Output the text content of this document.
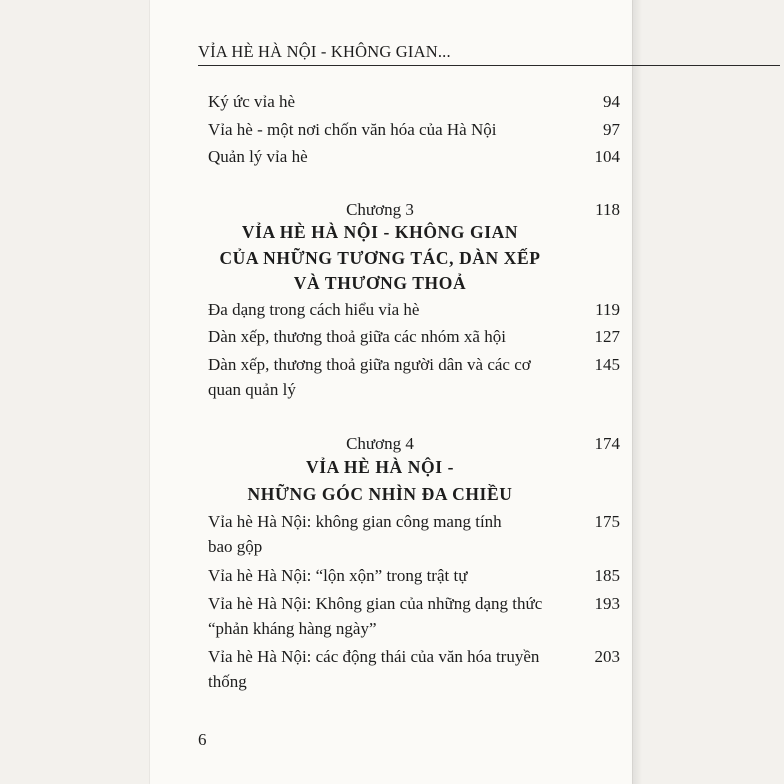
VỈA HÈ HÀ NỘI - KHÔNG GIAN...
Ký ức vỉa hè	94
Vỉa hè - một nơi chốn văn hóa của Hà Nội	97
Quản lý vỉa hè	104
Chương 3	118
VỈA HÈ HÀ NỘI - KHÔNG GIAN
CỦA NHỮNG TƯƠNG TÁC, DÀN XẾP
VÀ THƯƠNG THOẢ
Đa dạng trong cách hiểu vỉa hè	119
Dàn xếp, thương thoả giữa các nhóm xã hội	127
Dàn xếp, thương thoả giữa người dân và các cơ	145
quan quản lý
Chương 4	174
VỈA HÈ HÀ NỘI -
NHỮNG GÓC NHÌN ĐA CHIỀU
Vỉa hè Hà Nội: không gian công mang tính	175
bao gộp
Vỉa hè Hà Nội: “lộn xộn” trong trật tự	185
Vỉa hè Hà Nội: Không gian của những dạng thức	193
“phản kháng hàng ngày”
Vỉa hè Hà Nội: các động thái của văn hóa truyền	203
thống
6
